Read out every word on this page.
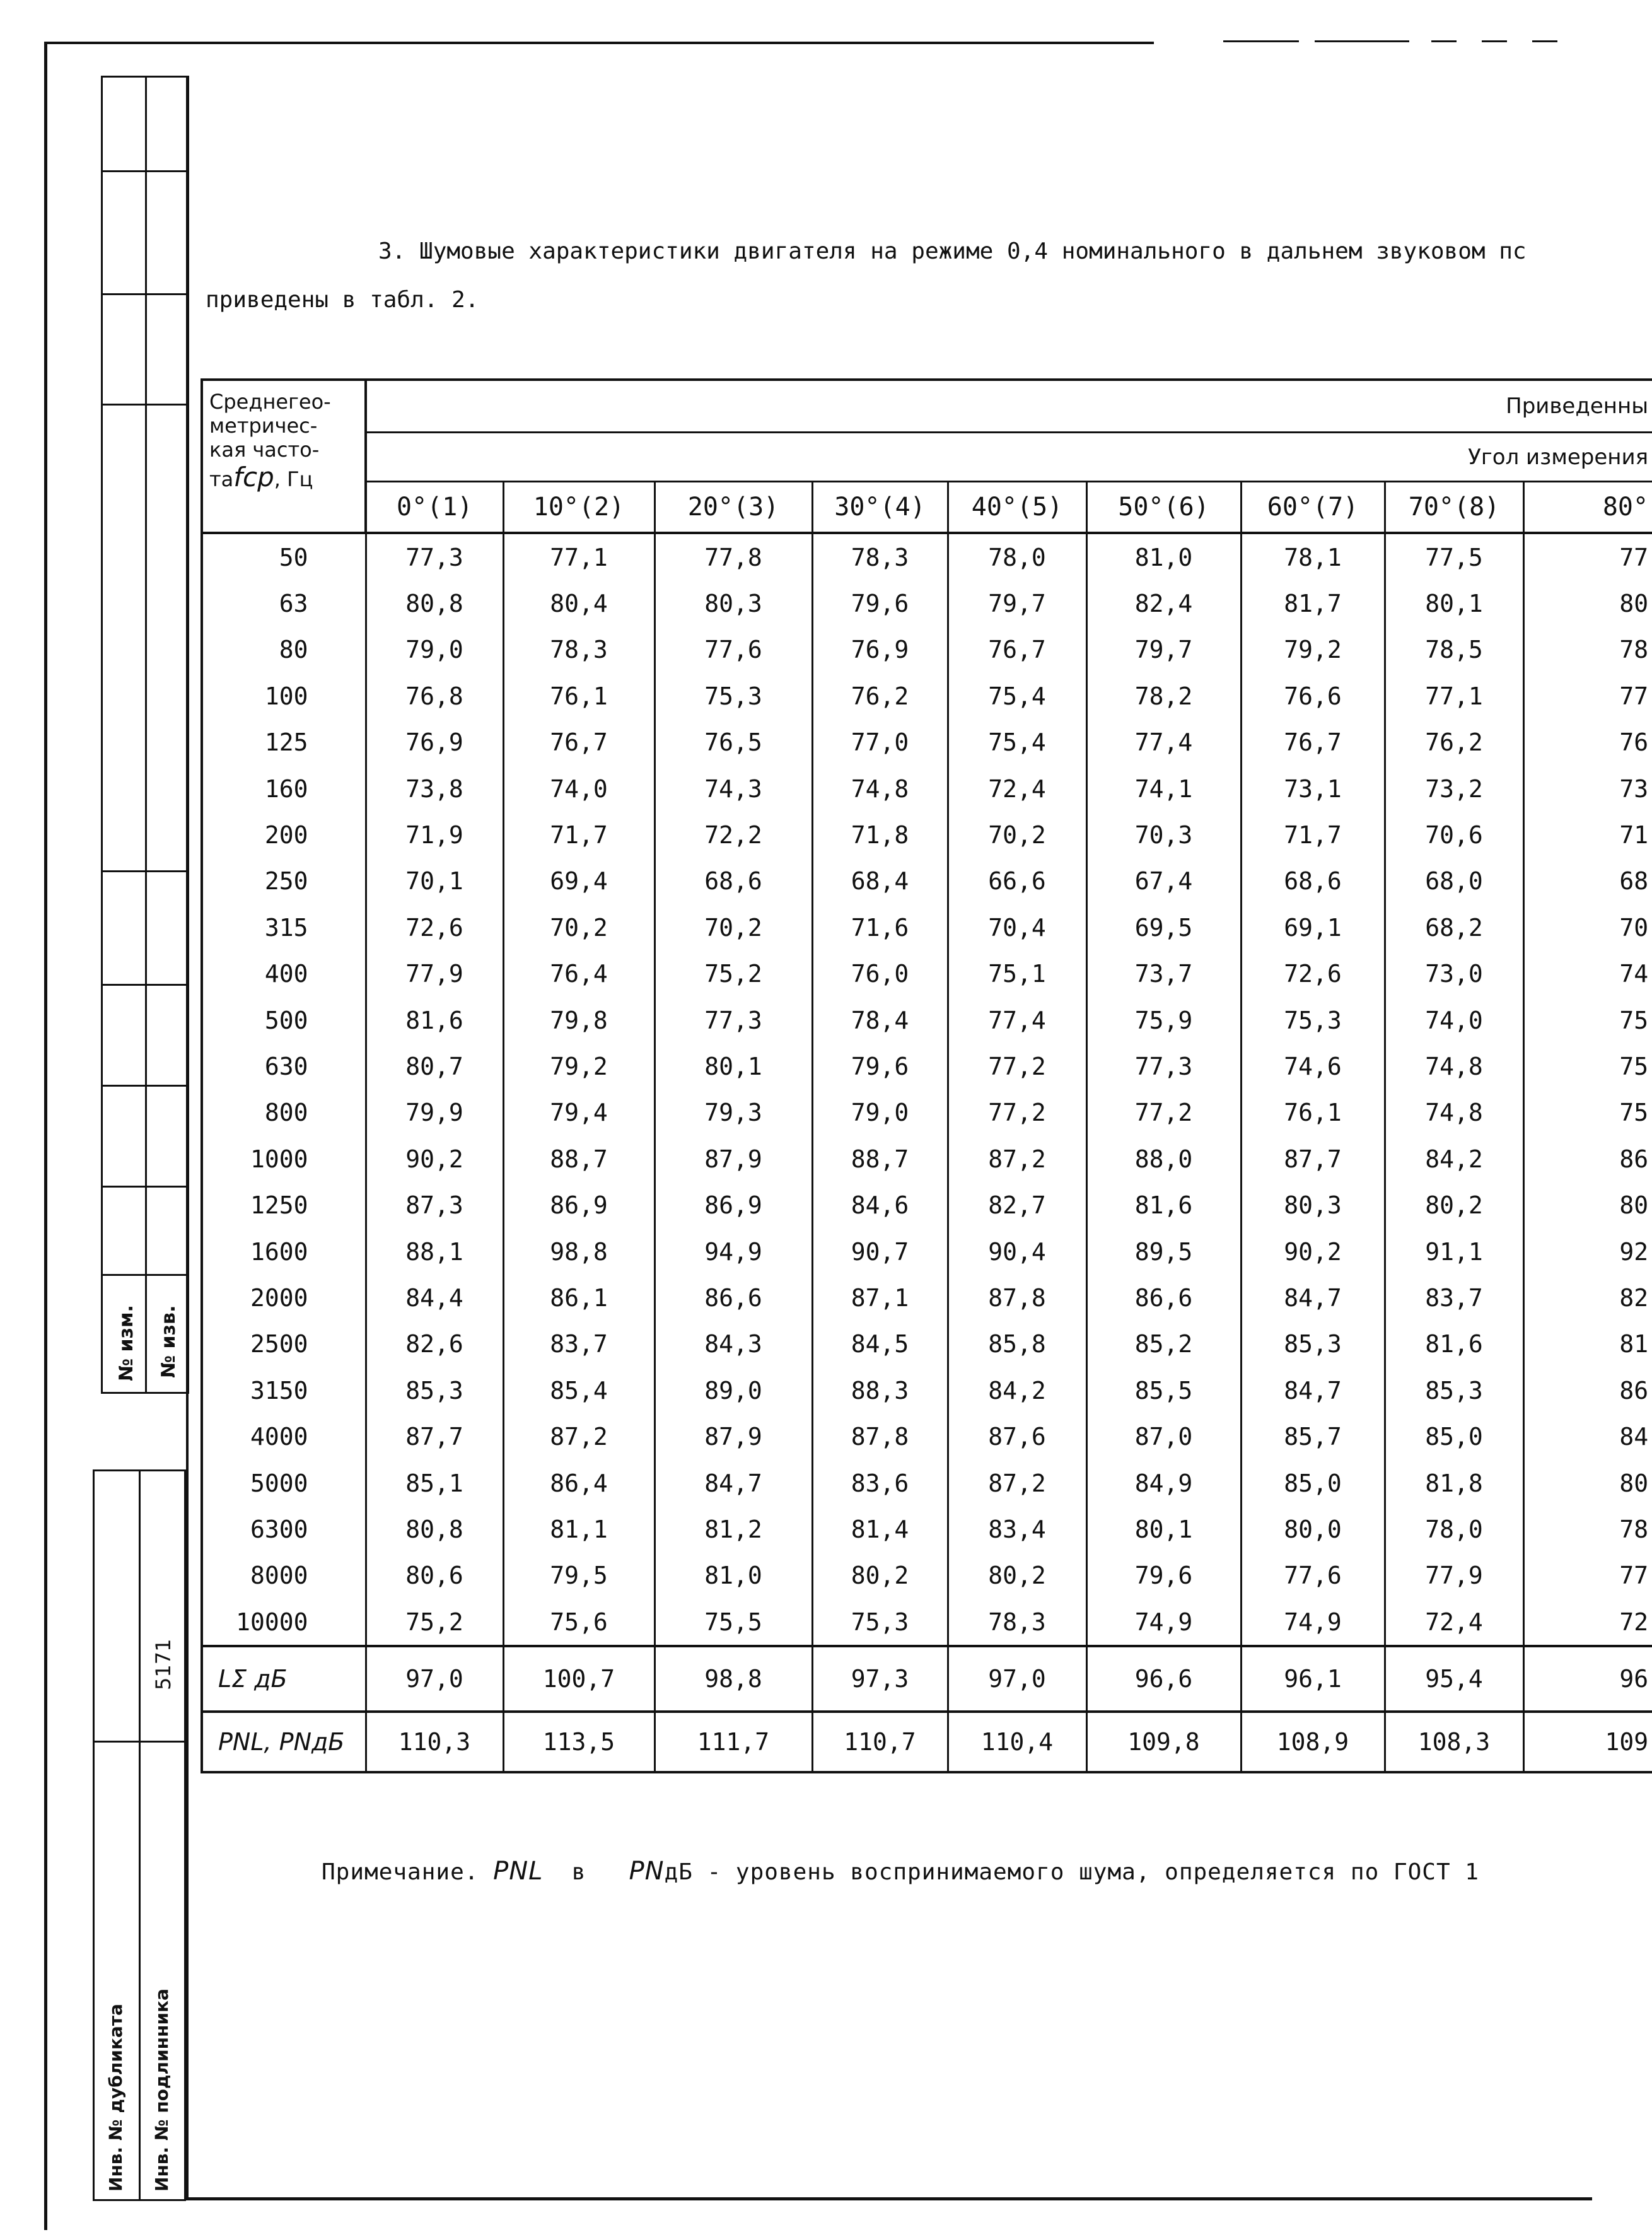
№ изм. № изв.
5171
Инв. № дубликата Инв. № подлинника
3. Шумовые характеристики двигателя на режиме 0,4 номинального в дальнем звуковом пс
приведены в табл. 2.
Среднегео-
метричес-
кая часто-
таfср, Гц	Приведенны								
	Угол измерения								
	0°(1)	10°(2)	20°(3)	30°(4)	40°(5)	50°(6)	60°(7)	70°(8)	80°
50	77,3	77,1	77,8	78,3	78,0	81,0	78,1	77,5	77
63	80,8	80,4	80,3	79,6	79,7	82,4	81,7	80,1	80
80	79,0	78,3	77,6	76,9	76,7	79,7	79,2	78,5	78
100	76,8	76,1	75,3	76,2	75,4	78,2	76,6	77,1	77
125	76,9	76,7	76,5	77,0	75,4	77,4	76,7	76,2	76
160	73,8	74,0	74,3	74,8	72,4	74,1	73,1	73,2	73
200	71,9	71,7	72,2	71,8	70,2	70,3	71,7	70,6	71
250	70,1	69,4	68,6	68,4	66,6	67,4	68,6	68,0	68
315	72,6	70,2	70,2	71,6	70,4	69,5	69,1	68,2	70
400	77,9	76,4	75,2	76,0	75,1	73,7	72,6	73,0	74
500	81,6	79,8	77,3	78,4	77,4	75,9	75,3	74,0	75
630	80,7	79,2	80,1	79,6	77,2	77,3	74,6	74,8	75
800	79,9	79,4	79,3	79,0	77,2	77,2	76,1	74,8	75
1000	90,2	88,7	87,9	88,7	87,2	88,0	87,7	84,2	86
1250	87,3	86,9	86,9	84,6	82,7	81,6	80,3	80,2	80
1600	88,1	98,8	94,9	90,7	90,4	89,5	90,2	91,1	92
2000	84,4	86,1	86,6	87,1	87,8	86,6	84,7	83,7	82
2500	82,6	83,7	84,3	84,5	85,8	85,2	85,3	81,6	81
3150	85,3	85,4	89,0	88,3	84,2	85,5	84,7	85,3	86
4000	87,7	87,2	87,9	87,8	87,6	87,0	85,7	85,0	84
5000	85,1	86,4	84,7	83,6	87,2	84,9	85,0	81,8	80
6300	80,8	81,1	81,2	81,4	83,4	80,1	80,0	78,0	78
8000	80,6	79,5	81,0	80,2	80,2	79,6	77,6	77,9	77
10000	75,2	75,6	75,5	75,3	78,3	74,9	74,9	72,4	72
LΣ дБ	97,0	100,7	98,8	97,3	97,0	96,6	96,1	95,4	96
PNL, PNдБ	110,3	113,5	111,7	110,7	110,4	109,8	108,9	108,3	109
Примечание. PNL в PNдБ - уровень воспринимаемого шума, определяется по ГОСТ 1
